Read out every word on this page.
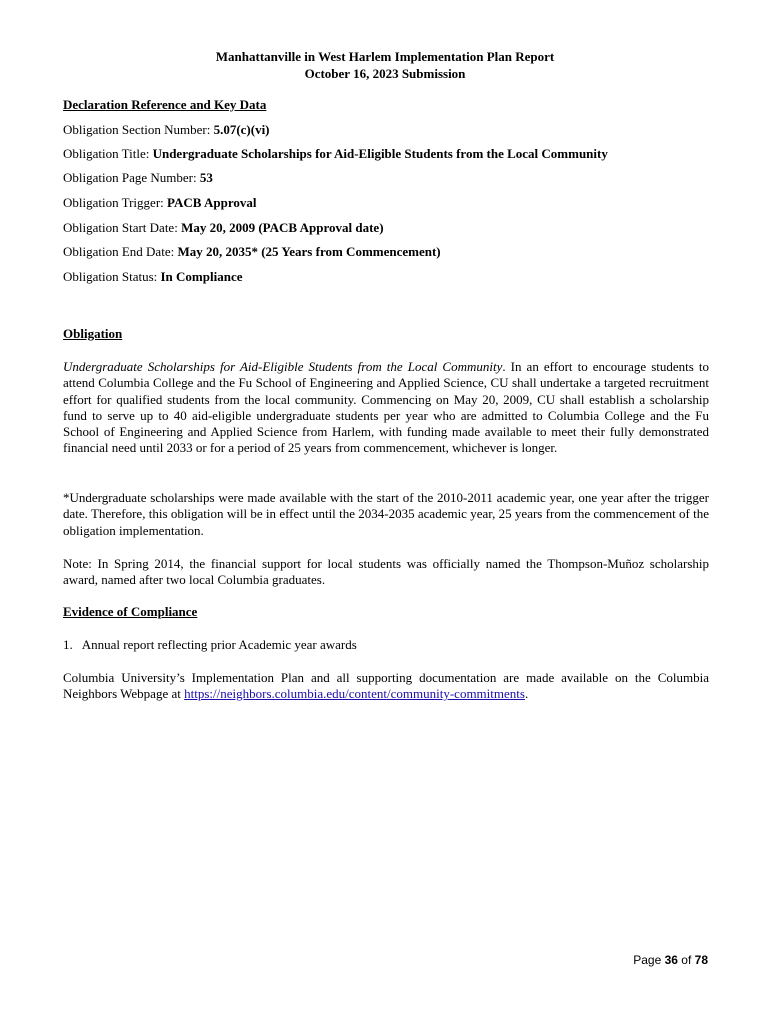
Manhattanville in West Harlem Implementation Plan Report
October 16, 2023 Submission
Declaration Reference and Key Data
Obligation Section Number: 5.07(c)(vi)
Obligation Title: Undergraduate Scholarships for Aid-Eligible Students from the Local Community
Obligation Page Number: 53
Obligation Trigger: PACB Approval
Obligation Start Date: May 20, 2009 (PACB Approval date)
Obligation End Date: May 20, 2035* (25 Years from Commencement)
Obligation Status: In Compliance
Obligation
Undergraduate Scholarships for Aid-Eligible Students from the Local Community. In an effort to encourage students to attend Columbia College and the Fu School of Engineering and Applied Science, CU shall undertake a targeted recruitment effort for qualified students from the local community. Commencing on May 20, 2009, CU shall establish a scholarship fund to serve up to 40 aid-eligible undergraduate students per year who are admitted to Columbia College and the Fu School of Engineering and Applied Science from Harlem, with funding made available to meet their fully demonstrated financial need until 2033 or for a period of 25 years from commencement, whichever is longer.
*Undergraduate scholarships were made available with the start of the 2010-2011 academic year, one year after the trigger date. Therefore, this obligation will be in effect until the 2034-2035 academic year, 25 years from the commencement of the obligation implementation.
Note: In Spring 2014, the financial support for local students was officially named the Thompson-Muñoz scholarship award, named after two local Columbia graduates.
Evidence of Compliance
1. Annual report reflecting prior Academic year awards
Columbia University’s Implementation Plan and all supporting documentation are made available on the Columbia Neighbors Webpage at https://neighbors.columbia.edu/content/community-commitments.
Page 36 of 78
